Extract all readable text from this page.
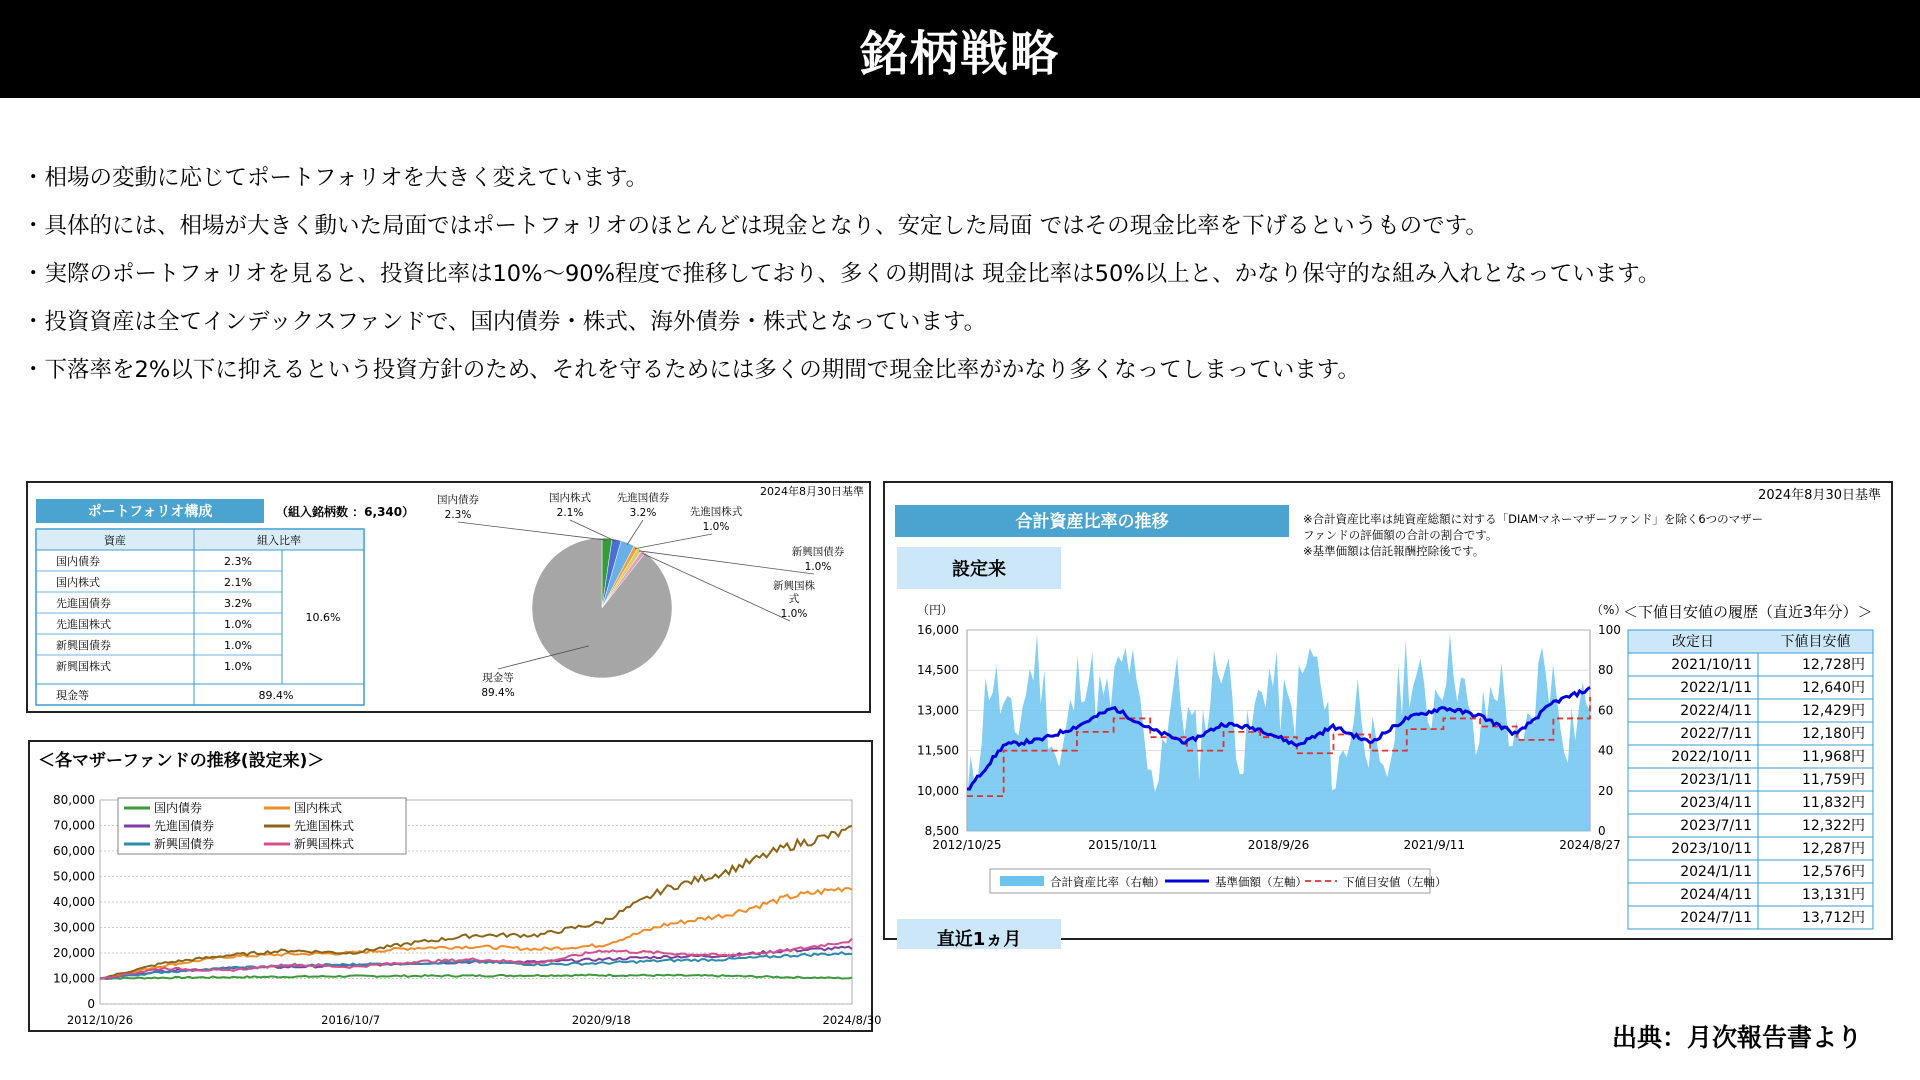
銘柄戦略
・相場の変動に応じてポートフォリオを大きく変えています。
・具体的には、相場が大きく動いた局面ではポートフォリオのほとんどは現金となり、安定した局面 ではその現金比率を下げるというものです。
・実際のポートフォリオを見ると、投資比率は10%～90%程度で推移しており、多くの期間は 現金比率は50%以上と、かなり保守的な組み入れとなっています。
・投資資産は全てインデックスファンドで、国内債券・株式、海外債券・株式となっています。
・下落率を2%以下に抑えるという投資方針のため、それを守るためには多くの期間で現金比率がかなり多くなってしまっています。
ポートフォリオ構成	（組入銘柄数 ：6,340）
2024年8月30日基準
資産	組入比率
国内債券	2.3%
国内株式	2.1%
先進国債券	3.2%
先進国株式	1.0%
新興国債券	1.0%
新興国株式	1.0%
10.6%
現金等	89.4%
国内債券
2.3%
国内株式
2.1%
先進国債券
3.2%	先進国株式
1.0%
新興国債券
1.0%
新興国株
式
1.0%
現金等
89.4%
＜各マザーファンドの推移(設定来)＞
80,000
70,000
60,000
50,000
40,000
30,000
20,000
10,000
0
2012/10/26	2016/10/7	2020/9/18	2024/8/30
国内債券	国内株式
先進国債券	先進国株式
新興国債券	新興国株式
2024年8月30日基準
合計資産比率の推移	※合計資産比率は純資産総額に対する「DIAMマネーマザーファンド」を除く6つのマザー
ファンドの評価額の合計の割合です。
※基準価額は信託報酬控除後です。
設定来
直近1ヵ月
（円）	（%）
＜下値目安値の履歴（直近3年分）＞
16,000
14,500
13,000
11,500
10,000
8,500
100
80
60
40
20
0
2012/10/25	2015/10/11	2018/9/26	2021/9/11	2024/8/27
合計資産比率（右軸）	基準価額（左軸）	下値目安値（左軸）
改定日	下値目安値
2021/10/11	12,728円
2022/1/11	12,640円
2022/4/11	12,429円
2022/7/11	12,180円
2022/10/11	11,968円
2023/1/11	11,759円
2023/4/11	11,832円
2023/7/11	12,322円
2023/10/11	12,287円
2024/1/11	12,576円
2024/4/11	13,131円
2024/7/11	13,712円
出典：月次報告書より
